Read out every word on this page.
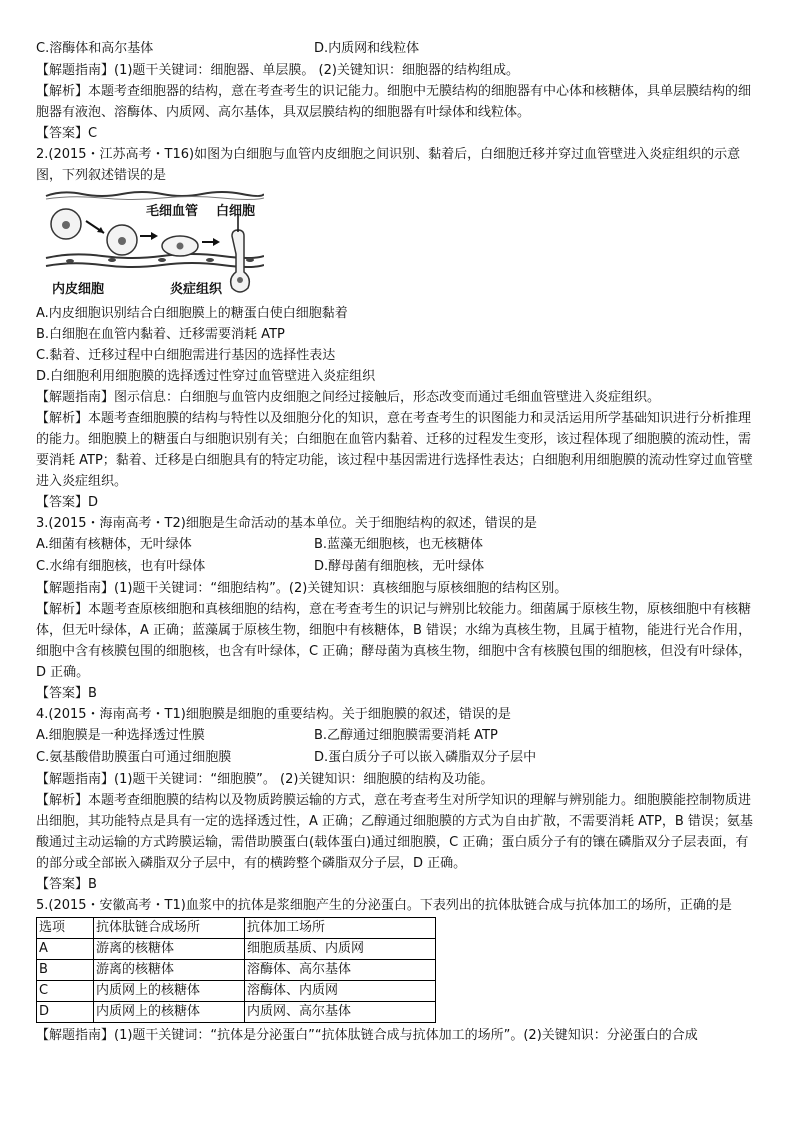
C.溶酶体和高尔基体	D.内质网和线粒体

【解题指南】(1)题干关键词：细胞器、单层膜。 (2)关键知识：细胞器的结构组成。

【解析】本题考查细胞器的结构，意在考查考生的识记能力。细胞中无膜结构的细胞器有中心体和核糖体，具单层膜结构的细胞器有液泡、溶酶体、内质网、高尔基体，具双层膜结构的细胞器有叶绿体和线粒体。

【答案】C

2.(2015・江苏高考・T16)如图为白细胞与血管内皮细胞之间识别、黏着后，白细胞迁移并穿过血管壁进入炎症组织的示意图，下列叙述错误的是

毛细血管 白细胞
内皮细胞	炎症组织

A.内皮细胞识别结合白细胞膜上的糖蛋白使白细胞黏着

B.白细胞在血管内黏着、迁移需要消耗 ATP

C.黏着、迁移过程中白细胞需进行基因的选择性表达

D.白细胞利用细胞膜的选择透过性穿过血管壁进入炎症组织

【解题指南】图示信息：白细胞与血管内皮细胞之间经过接触后，形态改变而通过毛细血管壁进入炎症组织。

【解析】本题考查细胞膜的结构与特性以及细胞分化的知识，意在考查考生的识图能力和灵活运用所学基础知识进行分析推理的能力。细胞膜上的糖蛋白与细胞识别有关；白细胞在血管内黏着、迁移的过程发生变形，该过程体现了细胞膜的流动性，需要消耗 ATP；黏着、迁移是白细胞具有的特定功能，该过程中基因需进行选择性表达；白细胞利用细胞膜的流动性穿过血管壁进入炎症组织。

【答案】D

3.(2015・海南高考・T2)细胞是生命活动的基本单位。关于细胞结构的叙述，错误的是

A.细菌有核糖体，无叶绿体	B.蓝藻无细胞核，也无核糖体
C.水绵有细胞核，也有叶绿体	D.酵母菌有细胞核，无叶绿体

【解题指南】(1)题干关键词：“细胞结构”。(2)关键知识：真核细胞与原核细胞的结构区别。

【解析】本题考查原核细胞和真核细胞的结构，意在考查考生的识记与辨别比较能力。细菌属于原核生物，原核细胞中有核糖体，但无叶绿体，A 正确；蓝藻属于原核生物，细胞中有核糖体，B 错误；水绵为真核生物，且属于植物，能进行光合作用，细胞中含有核膜包围的细胞核，也含有叶绿体，C 正确；酵母菌为真核生物，细胞中含有核膜包围的细胞核，但没有叶绿体，D 正确。

【答案】B

4.(2015・海南高考・T1)细胞膜是细胞的重要结构。关于细胞膜的叙述，错误的是

A.细胞膜是一种选择透过性膜	B.乙醇通过细胞膜需要消耗 ATP
C.氨基酸借助膜蛋白可通过细胞膜	D.蛋白质分子可以嵌入磷脂双分子层中

【解题指南】(1)题干关键词：“细胞膜”。 (2)关键知识：细胞膜的结构及功能。

【解析】本题考查细胞膜的结构以及物质跨膜运输的方式，意在考查考生对所学知识的理解与辨别能力。细胞膜能控制物质进出细胞，其功能特点是具有一定的选择透过性，A 正确；乙醇通过细胞膜的方式为自由扩散，不需要消耗 ATP，B 错误；氨基酸通过主动运输的方式跨膜运输，需借助膜蛋白(载体蛋白)通过细胞膜，C 正确；蛋白质分子有的镶在磷脂双分子层表面，有的部分或全部嵌入磷脂双分子层中，有的横跨整个磷脂双分子层，D 正确。

【答案】B

5.(2015・安徽高考・T1)血浆中的抗体是浆细胞产生的分泌蛋白。下表列出的抗体肽链合成与抗体加工的场所，正确的是

选项	抗体肽链合成场所	抗体加工场所
A	游离的核糖体	细胞质基质、内质网
B	游离的核糖体	溶酶体、高尔基体
C	内质网上的核糖体	溶酶体、内质网
D	内质网上的核糖体	内质网、高尔基体

【解题指南】(1)题干关键词：“抗体是分泌蛋白”“抗体肽链合成与抗体加工的场所”。(2)关键知识：分泌蛋白的合成
